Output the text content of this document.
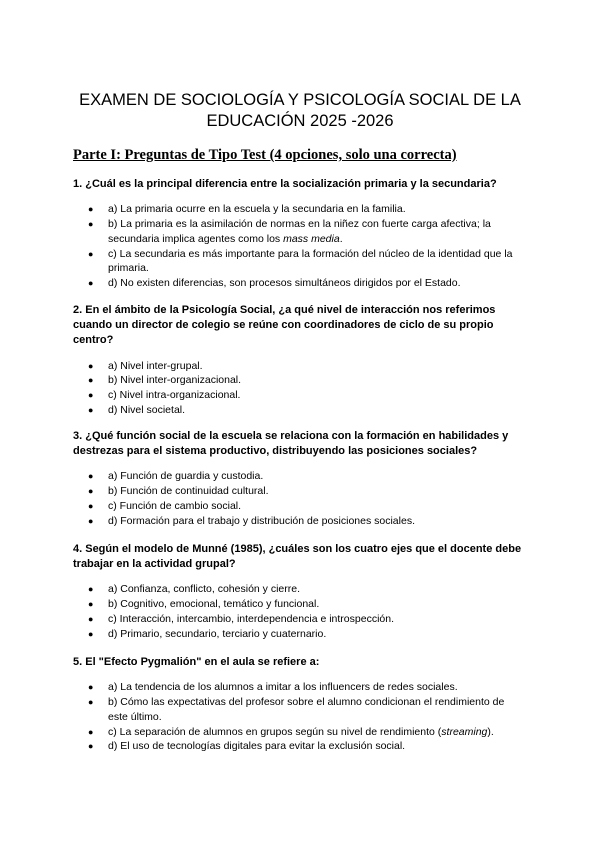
EXAMEN DE SOCIOLOGÍA Y PSICOLOGÍA SOCIAL DE LA
EDUCACIÓN 2025 -2026
Parte I: Preguntas de Tipo Test (4 opciones, solo una correcta)

1. ¿Cuál es la principal diferencia entre la socialización primaria y la secundaria?

● a) La primaria ocurre en la escuela y la secundaria en la familia.
● b) La primaria es la asimilación de normas en la niñez con fuerte carga afectiva; la secundaria implica agentes como los mass media.
● c) La secundaria es más importante para la formación del núcleo de la identidad que la primaria.
● d) No existen diferencias, son procesos simultáneos dirigidos por el Estado.

2. En el ámbito de la Psicología Social, ¿a qué nivel de interacción nos referimos cuando un director de colegio se reúne con coordinadores de ciclo de su propio centro?

● a) Nivel inter-grupal.
● b) Nivel inter-organizacional.
● c) Nivel intra-organizacional.
● d) Nivel societal.

3. ¿Qué función social de la escuela se relaciona con la formación en habilidades y destrezas para el sistema productivo, distribuyendo las posiciones sociales?

● a) Función de guardia y custodia.
● b) Función de continuidad cultural.
● c) Función de cambio social.
● d) Formación para el trabajo y distribución de posiciones sociales.

4. Según el modelo de Munné (1985), ¿cuáles son los cuatro ejes que el docente debe trabajar en la actividad grupal?

● a) Confianza, conflicto, cohesión y cierre.
● b) Cognitivo, emocional, temático y funcional.
● c) Interacción, intercambio, interdependencia e introspección.
● d) Primario, secundario, terciario y cuaternario.

5. El "Efecto Pygmalión" en el aula se refiere a:

● a) La tendencia de los alumnos a imitar a los influencers de redes sociales.
● b) Cómo las expectativas del profesor sobre el alumno condicionan el rendimiento de este último.
● c) La separación de alumnos en grupos según su nivel de rendimiento (streaming).
● d) El uso de tecnologías digitales para evitar la exclusión social.
